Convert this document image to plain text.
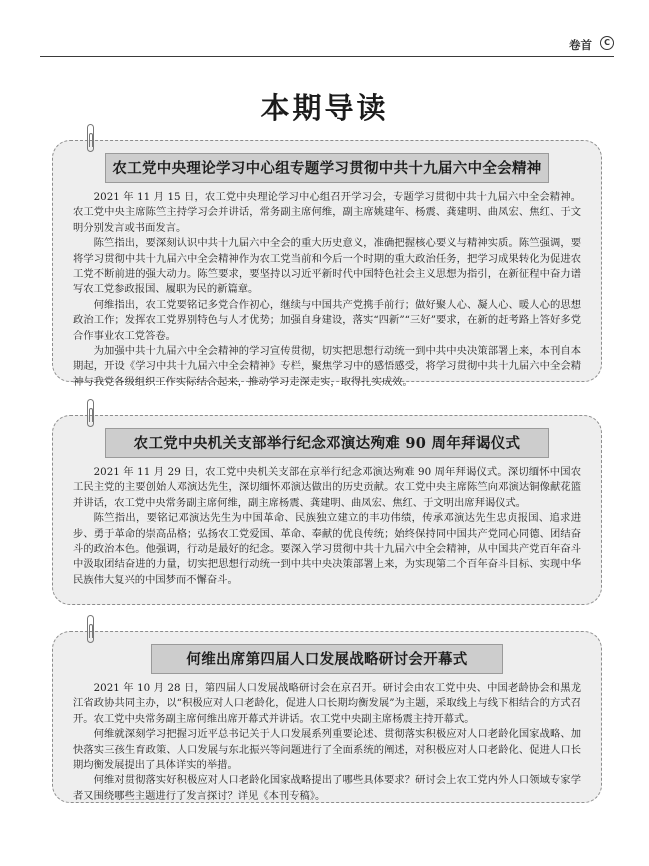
卷首	C
本期导读
农工党中央理论学习中心组专题学习贯彻中共十九届六中全会精神

2021 年 11 月 15 日，农工党中央理论学习中心组召开学习会，专题学习贯彻中共十九届六中全会精神。农工党中央主席陈竺主持学习会并讲话，常务副主席何维，副主席姚建年、杨震、龚建明、曲凤宏、焦红、于文明分别发言或书面发言。

陈竺指出，要深刻认识中共十九届六中全会的重大历史意义，准确把握核心要义与精神实质。陈竺强调，要将学习贯彻中共十九届六中全会精神作为农工党当前和今后一个时期的重大政治任务，把学习成果转化为促进农工党不断前进的强大动力。陈竺要求，要坚持以习近平新时代中国特色社会主义思想为指引，在新征程中奋力谱写农工党参政报国、履职为民的新篇章。

何维指出，农工党要铭记多党合作初心，继续与中国共产党携手前行；做好聚人心、凝人心、暖人心的思想政治工作；发挥农工党界别特色与人才优势；加强自身建设，落实“四新”“三好”要求，在新的赶考路上答好多党合作事业农工党答卷。

为加强中共十九届六中全会精神的学习宣传贯彻，切实把思想行动统一到中共中央决策部署上来，本刊自本期起，开设《学习中共十九届六中全会精神》专栏，聚焦学习中的感悟感受，将学习贯彻中共十九届六中全会精神与我党各级组织工作实际结合起来，推动学习走深走实，取得扎实成效。

农工党中央机关支部举行纪念邓演达殉难 90 周年拜谒仪式

2021 年 11 月 29 日，农工党中央机关支部在京举行纪念邓演达殉难 90 周年拜谒仪式。深切缅怀中国农工民主党的主要创始人邓演达先生，深切缅怀邓演达做出的历史贡献。农工党中央主席陈竺向邓演达铜像献花篮并讲话，农工党中央常务副主席何维，副主席杨震、龚建明、曲凤宏、焦红、于文明出席拜谒仪式。

陈竺指出，要铭记邓演达先生为中国革命、民族独立建立的丰功伟绩，传承邓演达先生忠贞报国、追求进步、勇于革命的崇高品格；弘扬农工党爱国、革命、奉献的优良传统；始终保持同中国共产党同心同德、团结奋斗的政治本色。他强调，行动是最好的纪念。要深入学习贯彻中共十九届六中全会精神，从中国共产党百年奋斗中汲取团结奋进的力量，切实把思想行动统一到中共中央决策部署上来，为实现第二个百年奋斗目标、实现中华民族伟大复兴的中国梦而不懈奋斗。

何维出席第四届人口发展战略研讨会开幕式

2021 年 10 月 28 日，第四届人口发展战略研讨会在京召开。研讨会由农工党中央、中国老龄协会和黑龙江省政协共同主办，以“积极应对人口老龄化，促进人口长期均衡发展”为主题，采取线上与线下相结合的方式召开。农工党中央常务副主席何维出席开幕式并讲话。农工党中央副主席杨震主持开幕式。

何维就深刻学习把握习近平总书记关于人口发展系列重要论述、贯彻落实积极应对人口老龄化国家战略、加快落实三孩生育政策、人口发展与东北振兴等问题进行了全面系统的阐述，对积极应对人口老龄化、促进人口长期均衡发展提出了具体详实的举措。

何维对贯彻落实好积极应对人口老龄化国家战略提出了哪些具体要求？研讨会上农工党内外人口领域专家学者又围绕哪些主题进行了发言探讨？详见《本刊专稿》。
